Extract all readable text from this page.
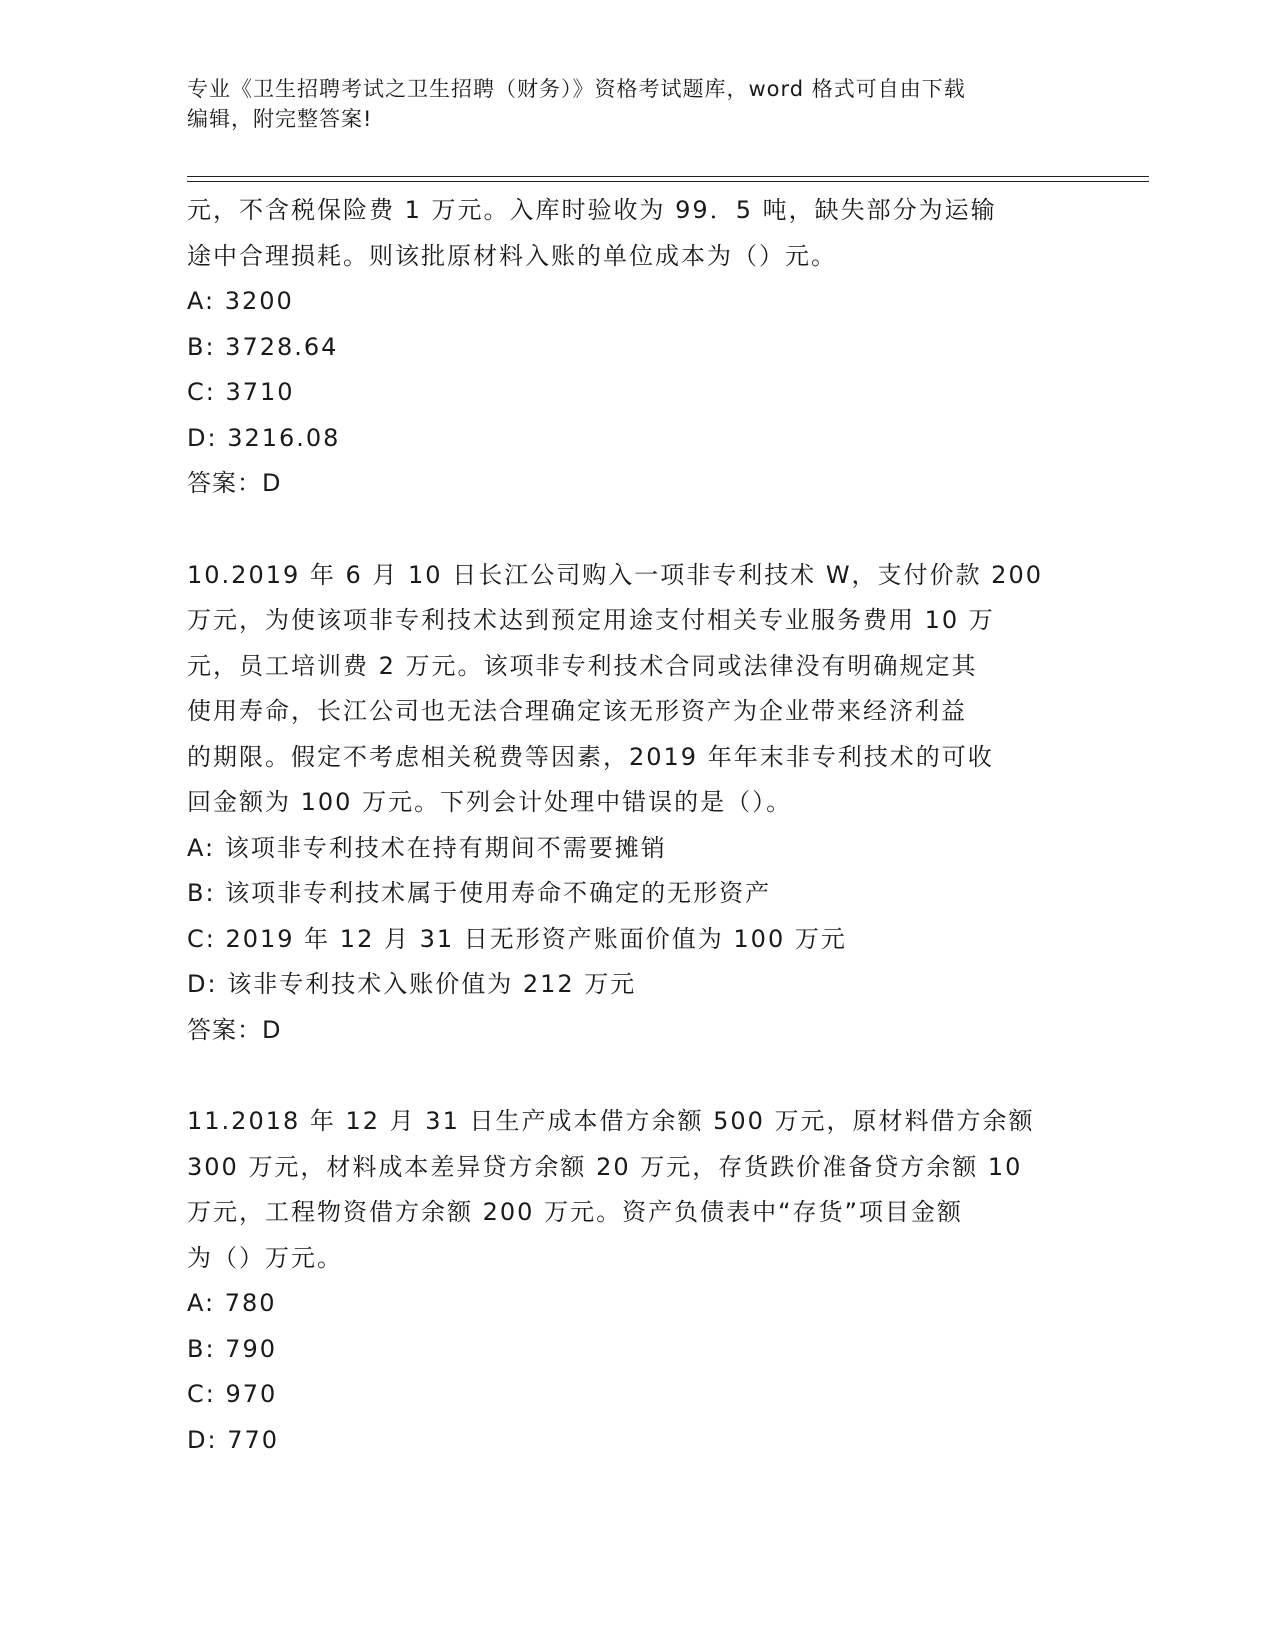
专业《卫生招聘考试之卫生招聘（财务）》资格考试题库，word 格式可自由下载
编辑，附完整答案!
元，不含税保险费 1 万元。入库时验收为 99．5 吨，缺失部分为运输
途中合理损耗。则该批原材料入账的单位成本为（）元。
A: 3200
B: 3728.64
C: 3710
D: 3216.08
答案：D
10.2019 年 6 月 10 日长江公司购入一项非专利技术 W，支付价款 200
万元，为使该项非专利技术达到预定用途支付相关专业服务费用 10 万
元，员工培训费 2 万元。该项非专利技术合同或法律没有明确规定其
使用寿命，长江公司也无法合理确定该无形资产为企业带来经济利益
的期限。假定不考虑相关税费等因素，2019 年年末非专利技术的可收
回金额为 100 万元。下列会计处理中错误的是（）。
A: 该项非专利技术在持有期间不需要摊销
B: 该项非专利技术属于使用寿命不确定的无形资产
C: 2019 年 12 月 31 日无形资产账面价值为 100 万元
D: 该非专利技术入账价值为 212 万元
答案：D
11.2018 年 12 月 31 日生产成本借方余额 500 万元，原材料借方余额
300 万元，材料成本差异贷方余额 20 万元，存货跌价准备贷方余额 10
万元，工程物资借方余额 200 万元。资产负债表中“存货”项目金额
为（）万元。
A: 780
B: 790
C: 970
D: 770
